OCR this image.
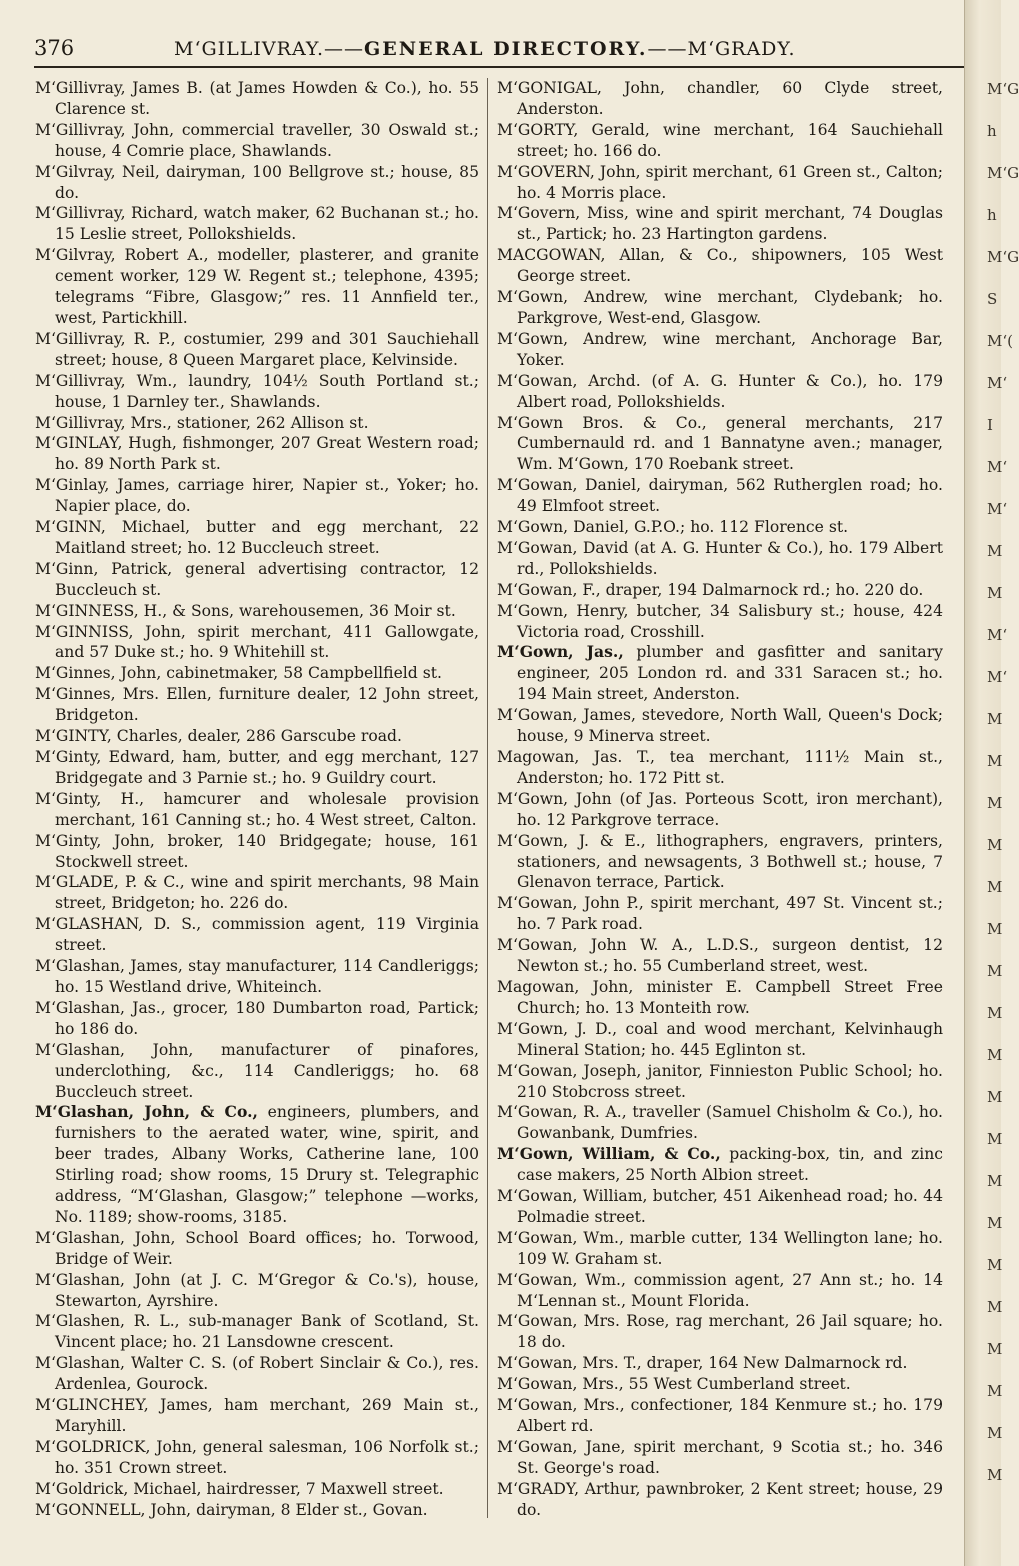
376	M‘GILLIVRAY.——GENERAL DIRECTORY.——M‘GRADY.

M‘Gillivray, James B. (at James Howden & Co.), ho. 55 Clarence st.

M‘Gillivray, John, commercial traveller, 30 Oswald st.; house, 4 Comrie place, Shawlands.

M‘Gilvray, Neil, dairyman, 100 Bellgrove st.; house, 85 do.

M‘Gillivray, Richard, watch maker, 62 Buchanan st.; ho. 15 Leslie street, Pollokshields.

M‘Gilvray, Robert A., modeller, plasterer, and granite cement worker, 129 W. Regent st.; telephone, 4395; telegrams “Fibre, Glasgow;” res. 11 Annfield ter., west, Partickhill.

M‘Gillivray, R. P., costumier, 299 and 301 Sauchiehall street; house, 8 Queen Margaret place, Kelvinside.

M‘Gillivray, Wm., laundry, 104½ South Portland st.; house, 1 Darnley ter., Shawlands.

M‘Gillivray, Mrs., stationer, 262 Allison st.

M‘GINLAY, Hugh, fishmonger, 207 Great Western road; ho. 89 North Park st.

M‘Ginlay, James, carriage hirer, Napier st., Yoker; ho. Napier place, do.

M‘GINN, Michael, butter and egg merchant, 22 Maitland street; ho. 12 Buccleuch street.

M‘Ginn, Patrick, general advertising contractor, 12 Buccleuch st.

M‘GINNESS, H., & Sons, warehousemen, 36 Moir st.

M‘GINNISS, John, spirit merchant, 411 Gallowgate, and 57 Duke st.; ho. 9 Whitehill st.

M‘Ginnes, John, cabinetmaker, 58 Campbellfield st.

M‘Ginnes, Mrs. Ellen, furniture dealer, 12 John street, Bridgeton.

M‘GINTY, Charles, dealer, 286 Garscube road.

M‘Ginty, Edward, ham, butter, and egg merchant, 127 Bridgegate and 3 Parnie st.; ho. 9 Guildry court.

M‘Ginty, H., hamcurer and wholesale provision merchant, 161 Canning st.; ho. 4 West street, Calton.

M‘Ginty, John, broker, 140 Bridgegate; house, 161 Stockwell street.

M‘GLADE, P. & C., wine and spirit merchants, 98 Main street, Bridgeton; ho. 226 do.

M‘GLASHAN, D. S., commission agent, 119 Virginia street.

M‘Glashan, James, stay manufacturer, 114 Candleriggs; ho. 15 Westland drive, Whiteinch.

M‘Glashan, Jas., grocer, 180 Dumbarton road, Partick; ho 186 do.

M‘Glashan, John, manufacturer of pinafores, underclothing, &c., 114 Candleriggs; ho. 68 Buccleuch street.

M‘Glashan, John, & Co., engineers, plumbers, and furnishers to the aerated water, wine, spirit, and beer trades, Albany Works, Catherine lane, 100 Stirling road; show rooms, 15 Drury st. Telegraphic address, “M‘Glashan, Glasgow;” telephone —works, No. 1189; show-rooms, 3185.

M‘Glashan, John, School Board offices; ho. Torwood, Bridge of Weir.

M‘Glashan, John (at J. C. M‘Gregor & Co.'s), house, Stewarton, Ayrshire.

M‘Glashen, R. L., sub-manager Bank of Scotland, St. Vincent place; ho. 21 Lansdowne crescent.

M‘Glashan, Walter C. S. (of Robert Sinclair & Co.), res. Ardenlea, Gourock.

M‘GLINCHEY, James, ham merchant, 269 Main st., Maryhill.

M‘GOLDRICK, John, general salesman, 106 Norfolk st.; ho. 351 Crown street.

M‘Goldrick, Michael, hairdresser, 7 Maxwell street.

M‘GONNELL, John, dairyman, 8 Elder st., Govan.

M‘GONIGAL, John, chandler, 60 Clyde street, Anderston.

M‘GORTY, Gerald, wine merchant, 164 Sauchiehall street; ho. 166 do.

M‘GOVERN, John, spirit merchant, 61 Green st., Calton; ho. 4 Morris place.

M‘Govern, Miss, wine and spirit merchant, 74 Douglas st., Partick; ho. 23 Hartington gardens.

MACGOWAN, Allan, & Co., shipowners, 105 West George street.

M‘Gown, Andrew, wine merchant, Clydebank; ho. Parkgrove, West-end, Glasgow.

M‘Gown, Andrew, wine merchant, Anchorage Bar, Yoker.

M‘Gowan, Archd. (of A. G. Hunter & Co.), ho. 179 Albert road, Pollokshields.

M‘Gown Bros. & Co., general merchants, 217 Cumbernauld rd. and 1 Bannatyne aven.; manager, Wm. M‘Gown, 170 Roebank street.

M‘Gowan, Daniel, dairyman, 562 Rutherglen road; ho. 49 Elmfoot street.

M‘Gown, Daniel, G.P.O.; ho. 112 Florence st.

M‘Gowan, David (at A. G. Hunter & Co.), ho. 179 Albert rd., Pollokshields.

M‘Gowan, F., draper, 194 Dalmarnock rd.; ho. 220 do.

M‘Gown, Henry, butcher, 34 Salisbury st.; house, 424 Victoria road, Crosshill.

M‘Gown, Jas., plumber and gasfitter and sanitary engineer, 205 London rd. and 331 Saracen st.; ho. 194 Main street, Anderston.

M‘Gowan, James, stevedore, North Wall, Queen's Dock; house, 9 Minerva street.

Magowan, Jas. T., tea merchant, 111½ Main st., Anderston; ho. 172 Pitt st.

M‘Gown, John (of Jas. Porteous Scott, iron merchant), ho. 12 Parkgrove terrace.

M‘Gown, J. & E., lithographers, engravers, printers, stationers, and newsagents, 3 Bothwell st.; house, 7 Glenavon terrace, Partick.

M‘Gowan, John P., spirit merchant, 497 St. Vincent st.; ho. 7 Park road.

M‘Gowan, John W. A., L.D.S., surgeon dentist, 12 Newton st.; ho. 55 Cumberland street, west.

Magowan, John, minister E. Campbell Street Free Church; ho. 13 Monteith row.

M‘Gown, J. D., coal and wood merchant, Kelvinhaugh Mineral Station; ho. 445 Eglinton st.

M‘Gowan, Joseph, janitor, Finnieston Public School; ho. 210 Stobcross street.

M‘Gowan, R. A., traveller (Samuel Chisholm & Co.), ho. Gowanbank, Dumfries.

M‘Gown, William, & Co., packing-box, tin, and zinc case makers, 25 North Albion street.

M‘Gowan, William, butcher, 451 Aikenhead road; ho. 44 Polmadie street.

M‘Gowan, Wm., marble cutter, 134 Wellington lane; ho. 109 W. Graham st.

M‘Gowan, Wm., commission agent, 27 Ann st.; ho. 14 M‘Lennan st., Mount Florida.

M‘Gowan, Mrs. Rose, rag merchant, 26 Jail square; ho. 18 do.

M‘Gowan, Mrs. T., draper, 164 New Dalmarnock rd.

M‘Gowan, Mrs., 55 West Cumberland street.

M‘Gowan, Mrs., confectioner, 184 Kenmure st.; ho. 179 Albert rd.

M‘Gowan, Jane, spirit merchant, 9 Scotia st.; ho. 346 St. George's road.

M‘GRADY, Arthur, pawnbroker, 2 Kent street; house, 29 do.

M‘G
h
M‘G
h
M‘G
S
M‘(
M‘
I
M‘
M‘
M
M
M‘
M‘
M
M
M
M
M
M
M
M
M
M
M
M
M
M
M
M
M
M
M
